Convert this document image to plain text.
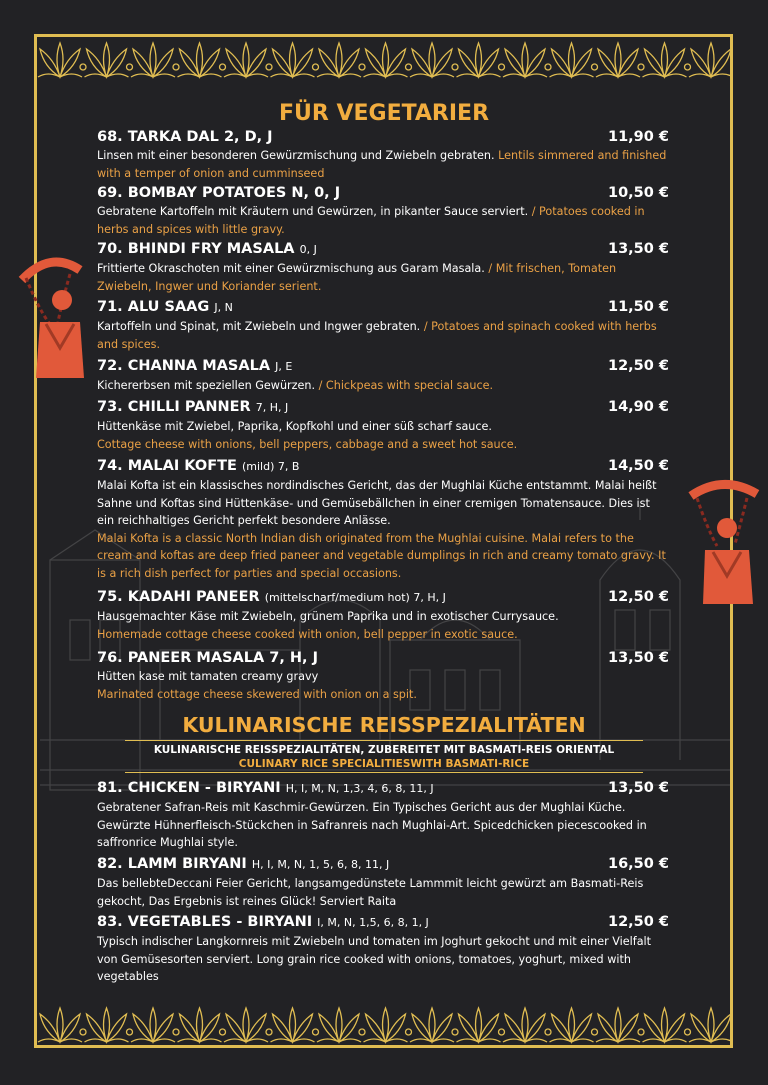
FÜR VEGETARIER
68. TARKA DAL 2, D, J	11,90 €
Linsen mit einer besonderen Gewürzmischung und Zwiebeln gebraten. Lentils simmered and finished with a temper of onion and cumminseed
69. BOMBAY POTATOES N, 0, J	10,50 €
Gebratene Kartoffeln mit Kräutern und Gewürzen, in pikanter Sauce serviert. / Potatoes cooked in herbs and spices with little gravy.
70. BHINDI FRY MASALA 0, J	13,50 €
Frittierte Okraschoten mit einer Gewürzmischung aus Garam Masala. / Mit frischen, Tomaten Zwiebeln, Ingwer und Koriander serient.
71. ALU SAAG J, N	11,50 €
Kartoffeln und Spinat, mit Zwiebeln und Ingwer gebraten. / Potatoes and spinach cooked with herbs and spices.
72. CHANNA MASALA J, E	12,50 €
Kichererbsen mit speziellen Gewürzen. / Chickpeas with special sauce.
73. CHILLI PANNER 7, H, J	14,90 €
Hüttenkäse mit Zwiebel, Paprika, Kopfkohl und einer süß scharf sauce.
Cottage cheese with onions, bell peppers, cabbage and a sweet hot sauce.
74. MALAI KOFTE (mild) 7, B	14,50 €
Malai Kofta ist ein klassisches nordindisches Gericht, das der Mughlai Küche entstammt. Malai heißt Sahne und Koftas sind Hüttenkäse- und Gemüsebällchen in einer cremigen Tomatensauce. Dies ist ein reichhaltiges Gericht perfekt besondere Anlässe.
Malai Kofta is a classic North Indian dish originated from the Mughlai cuisine. Malai refers to the cream and koftas are deep fried paneer and vegetable dumplings in rich and creamy tomato gravy. It is a rich dish perfect for parties and special occasions.
75. KADAHI PANEER (mittelscharf/medium hot) 7, H, J	12,50 €
Hausgemachter Käse mit Zwiebeln, grünem Paprika und in exotischer Currysauce.
Homemade cottage cheese cooked with onion, bell pepper in exotic sauce.
76. PANEER MASALA 7, H, J	13,50 €
Hütten kase mit tamaten creamy gravy
Marinated cottage cheese skewered with onion on a spit.
KULINARISCHE REISSPEZIALITÄTEN
KULINARISCHE REISSPEZIALITÄTEN, ZUBEREITET MIT BASMATI-REIS ORIENTAL
CULINARY RICE SPECIALITIESWITH BASMATI-RICE
81. CHICKEN - BIRYANI H, I, M, N, 1,3, 4, 6, 8, 11, J	13,50 €
Gebratener Safran-Reis mit Kaschmir-Gewürzen. Ein Typisches Gericht aus der Mughlai Küche. Gewürzte Hühnerfleisch-Stückchen in Safranreis nach Mughlai-Art. Spicedchicken piecescooked in saffronrice Mughlai style.
82. LAMM BIRYANI H, I, M, N, 1, 5, 6, 8, 11, J	16,50 €
Das bellebteDeccani Feier Gericht, langsamgedünstete Lammmit leicht gewürzt am Basmati-Reis gekocht, Das Ergebnis ist reines Glück! Serviert Raita
83. VEGETABLES - BIRYANI I, M, N, 1,5, 6, 8, 1, J	12,50 €
Typisch indischer Langkornreis mit Zwiebeln und tomaten im Joghurt gekocht und mit einer Vielfalt von Gemüsesorten serviert. Long grain rice cooked with onions, tomatoes, yoghurt, mixed with vegetables
